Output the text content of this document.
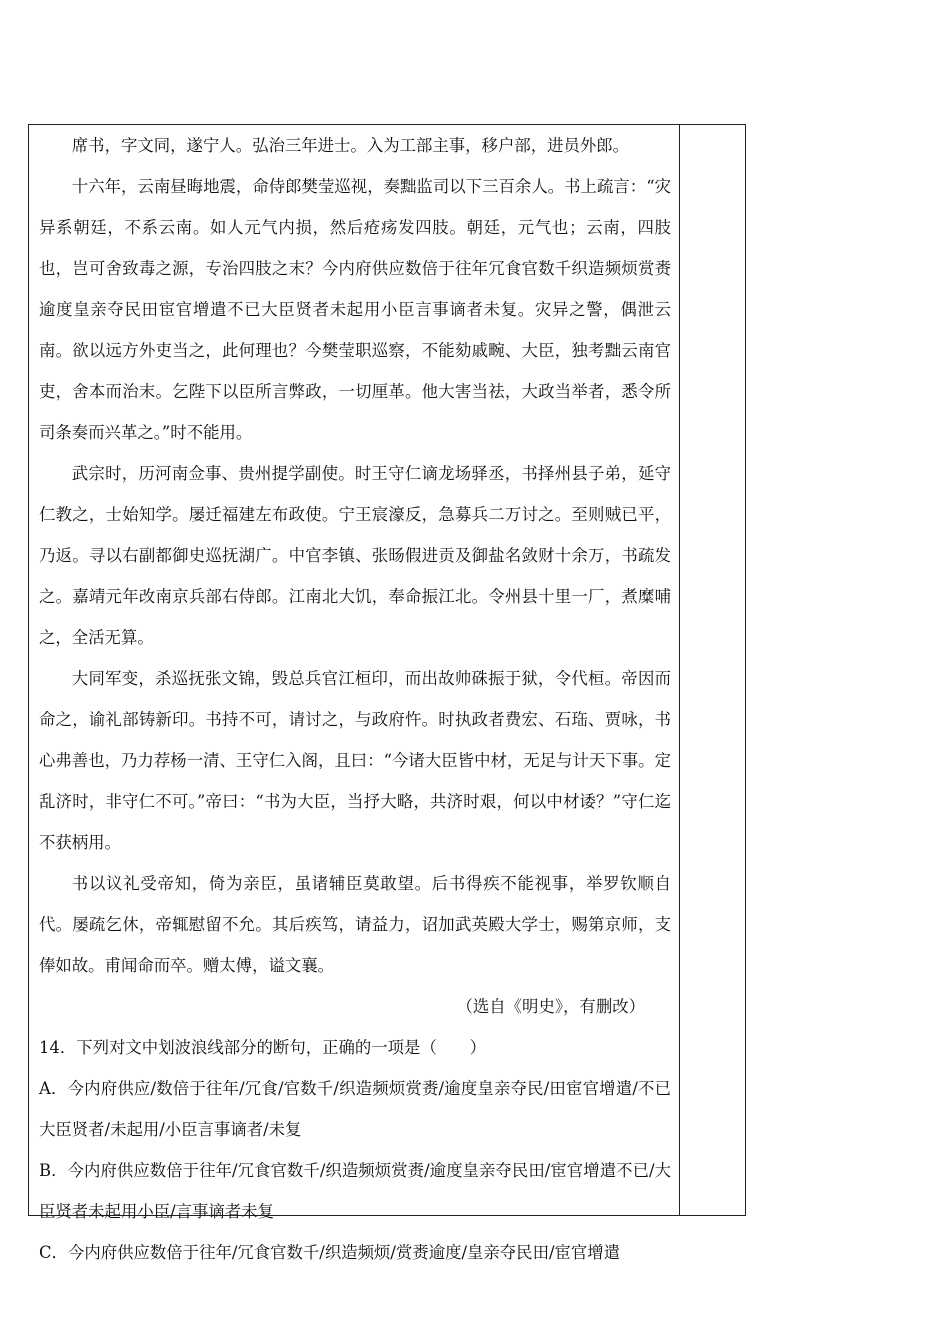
席书，字文同，遂宁人。弘治三年进士。入为工部主事，移户部，进员外郎。

十六年，云南昼晦地震，命侍郎樊莹巡视，奏黜监司以下三百余人。书上疏言：“灾异系朝廷，不系云南。如人元气内损，然后疮疡发四肢。朝廷，元气也；云南，四肢也，岂可舍致毒之源，专治四肢之末？今内府供应数倍于往年冗食官数千织造频烦赏赉逾度皇亲夺民田宦官增遣不已大臣贤者未起用小臣言事谪者未复。灾异之警，偶泄云南。欲以远方外吏当之，此何理也？今樊莹职巡察，不能劾戚畹、大臣，独考黜云南官吏，舍本而治末。乞陛下以臣所言弊政，一切厘革。他大害当祛，大政当举者，悉令所司条奏而兴革之。”时不能用。

武宗时，历河南佥事、贵州提学副使。时王守仁谪龙场驿丞，书择州县子弟，延守仁教之，士始知学。屡迁福建左布政使。宁王宸濠反，急募兵二万讨之。至则贼已平，乃返。寻以右副都御史巡抚湖广。中官李镇、张旸假进贡及御盐名敛财十余万，书疏发之。嘉靖元年改南京兵部右侍郎。江南北大饥，奉命振江北。令州县十里一厂，煮糜哺之，全活无算。

大同军变，杀巡抚张文锦，毁总兵官江桓印，而出故帅硃振于狱，令代桓。帝因而命之，谕礼部铸新印。书持不可，请讨之，与政府忤。时执政者费宏、石珤、贾咏，书心弗善也，乃力荐杨一清、王守仁入阁，且曰：“今诸大臣皆中材，无足与计天下事。定乱济时，非守仁不可。”帝曰：“书为大臣，当抒大略，共济时艰，何以中材诿？”守仁迄不获柄用。

书以议礼受帝知，倚为亲臣，虽诸辅臣莫敢望。后书得疾不能视事，举罗钦顺自代。屡疏乞休，帝辄慰留不允。其后疾笃，请益力，诏加武英殿大学士，赐第京师，支俸如故。甫闻命而卒。赠太傅，谥文襄。

（选自《明史》，有删改）

14．下列对文中划波浪线部分的断句，正确的一项是（　　）

A．今内府供应/数倍于往年/冗食/官数千/织造频烦赏赉/逾度皇亲夺民/田宦官增遣/不已大臣贤者/未起用/小臣言事谪者/未复

B．今内府供应数倍于往年/冗食官数千/织造频烦赏赉/逾度皇亲夺民田/宦官增遣不已/大臣贤者未起用小臣/言事谪者未复

C．今内府供应数倍于往年/冗食官数千/织造频烦/赏赉逾度/皇亲夺民田/宦官增遣
